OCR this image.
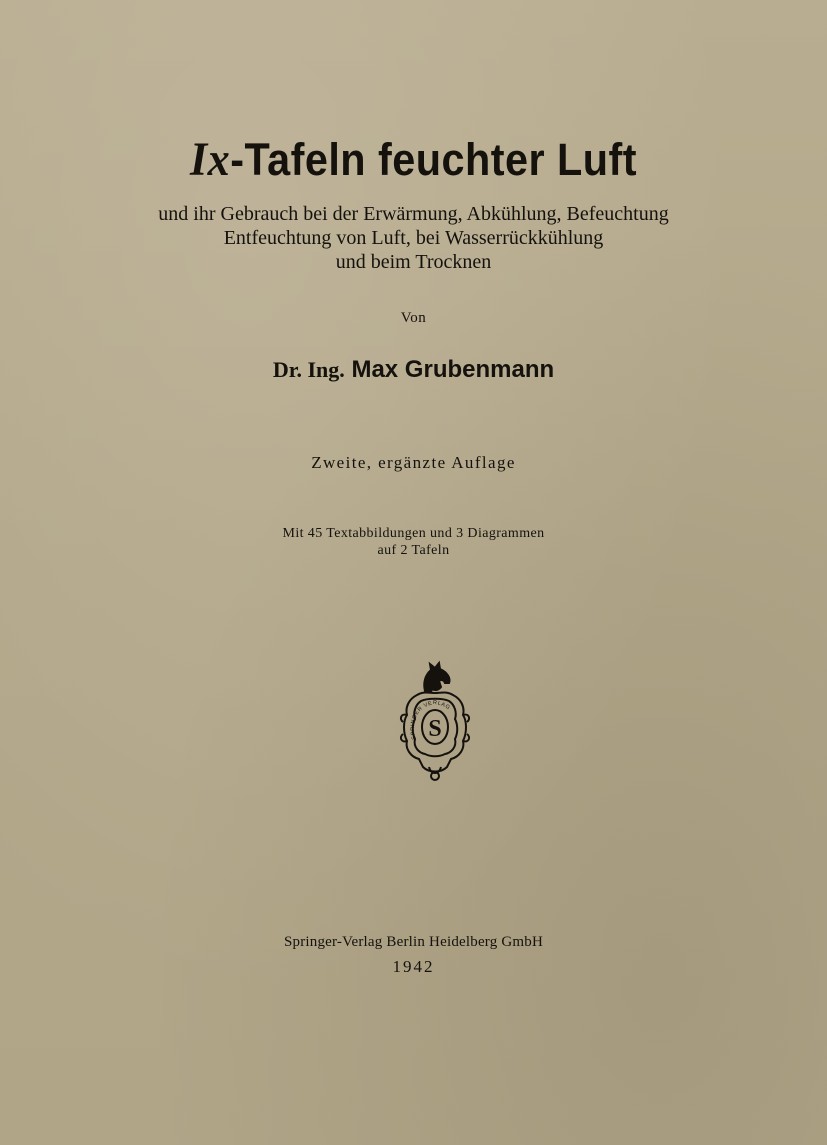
Ix-Tafeln feuchter Luft
und ihr Gebrauch bei der Erwärmung, Abkühlung, Befeuchtung
Entfeuchtung von Luft, bei Wasserrückkühlung
und beim Trocknen
Von
Dr. Ing. Max Grubenmann
Zweite, ergänzte Auflage
Mit 45 Textabbildungen und 3 Diagrammen
auf 2 Tafeln
S
SPRINGER VERLAG
Springer-Verlag Berlin Heidelberg GmbH
1942
